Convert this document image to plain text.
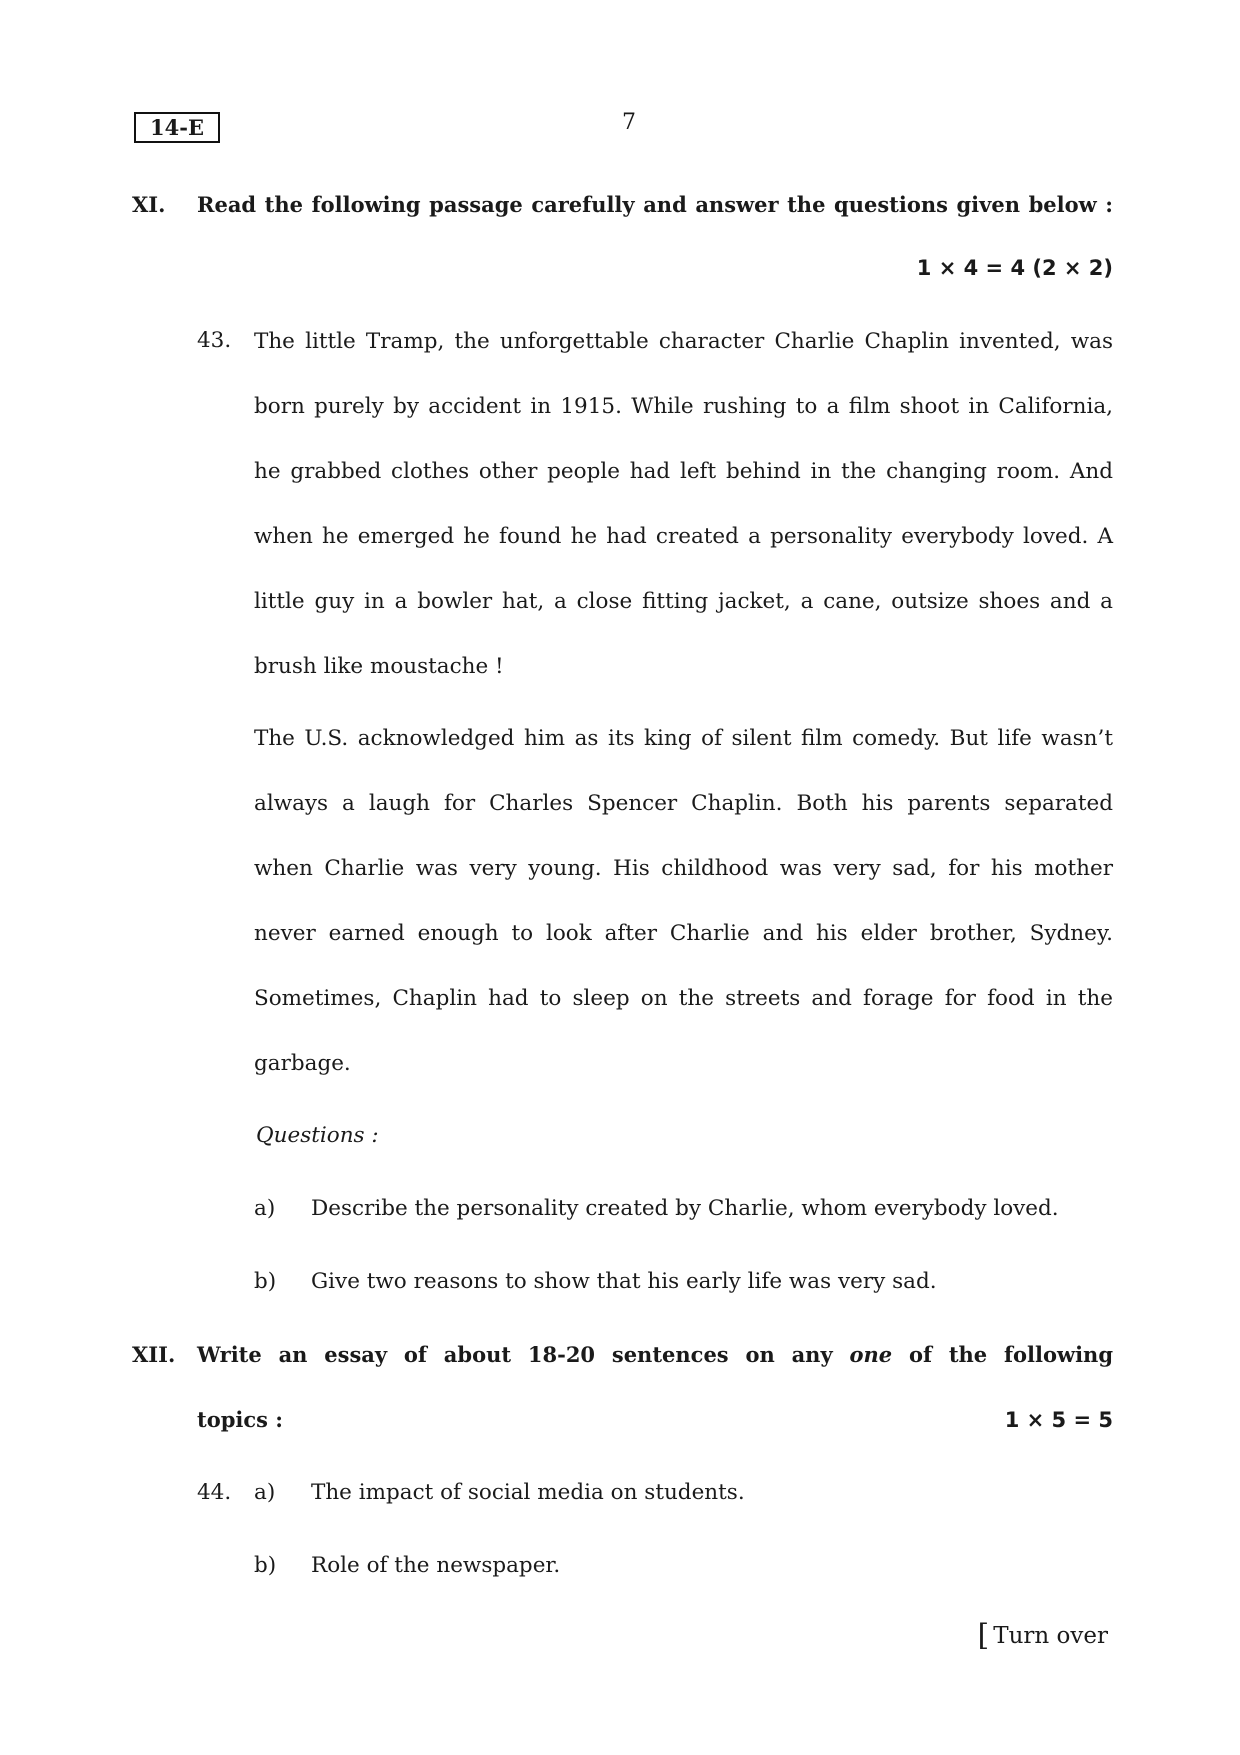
14-E	7
XI. Read the following passage carefully and answer the questions given below :
1 × 4 = 4 (2 × 2)
43. The little Tramp, the unforgettable character Charlie Chaplin invented, was
born purely by accident in 1915. While rushing to a film shoot in California,
he grabbed clothes other people had left behind in the changing room. And
when he emerged he found he had created a personality everybody loved. A
little guy in a bowler hat, a close fitting jacket, a cane, outsize shoes and a
brush like moustache !
The U.S. acknowledged him as its king of silent film comedy. But life wasn’t
always a laugh for Charles Spencer Chaplin. Both his parents separated
when Charlie was very young. His childhood was very sad, for his mother
never earned enough to look after Charlie and his elder brother, Sydney.
Sometimes, Chaplin had to sleep on the streets and forage for food in the
garbage.
Questions :
a) Describe the personality created by Charlie, whom everybody loved.
b) Give two reasons to show that his early life was very sad.
XII. Write an essay of about 18-20 sentences on any one of the following
topics :	1 × 5 = 5
44. a) The impact of social media on students.
b) Role of the newspaper.
[ Turn over
